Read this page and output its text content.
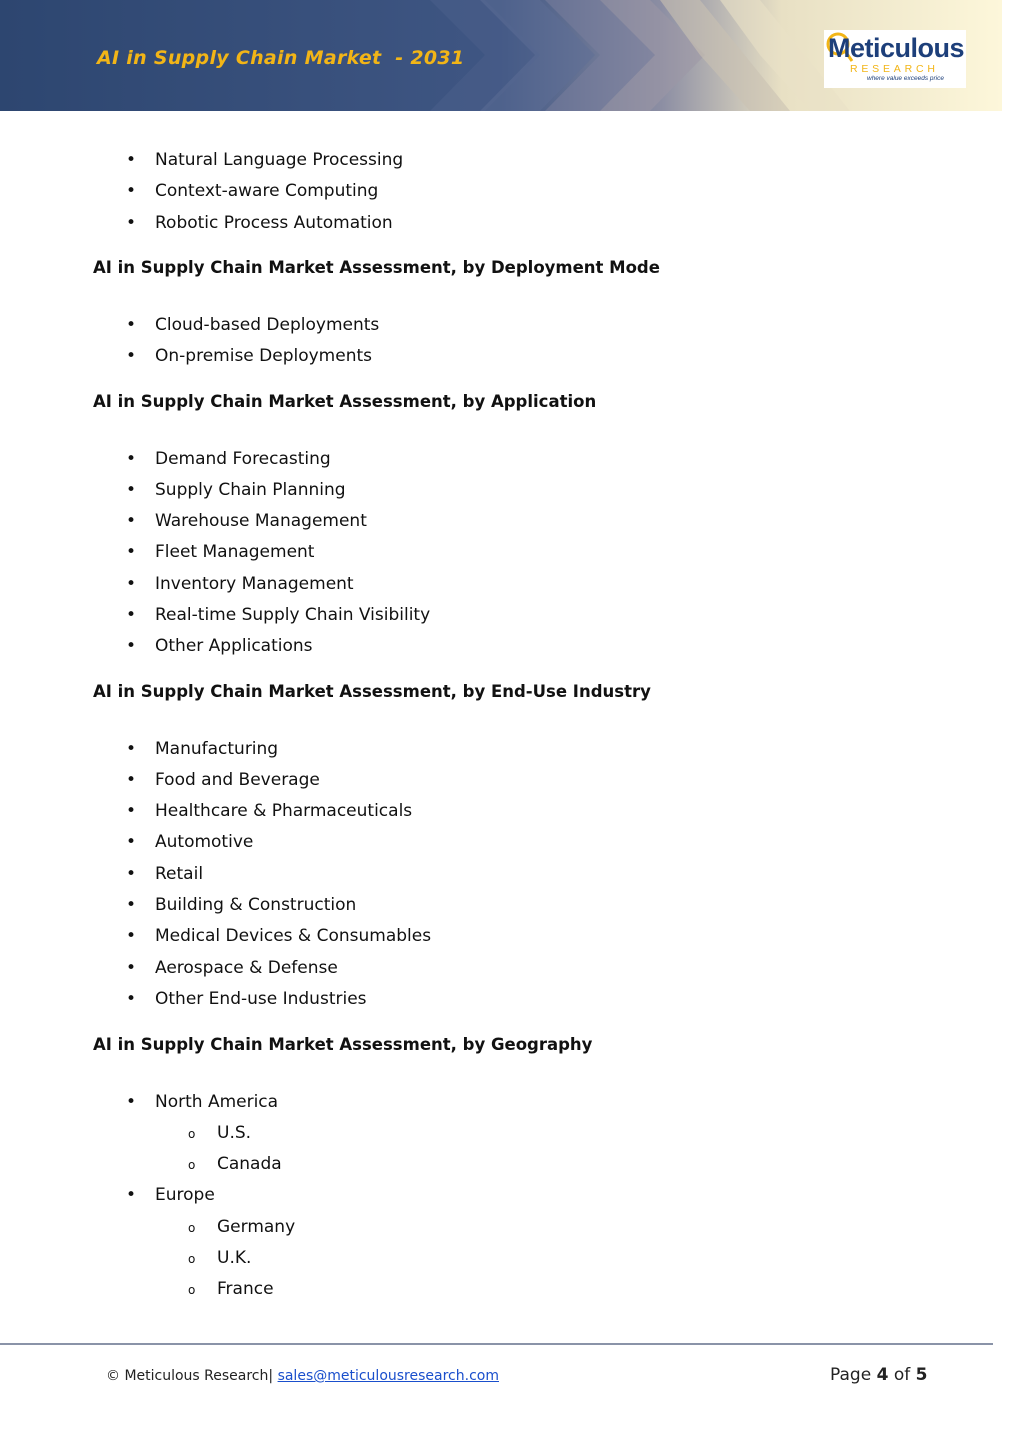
AI in Supply Chain Market  - 2031	Meticulous
RESEARCH
where value exceeds price
• Natural Language Processing
• Context-aware Computing
• Robotic Process Automation
AI in Supply Chain Market Assessment, by Deployment Mode
• Cloud-based Deployments
• On-premise Deployments
AI in Supply Chain Market Assessment, by Application
• Demand Forecasting
• Supply Chain Planning
• Warehouse Management
• Fleet Management
• Inventory Management
• Real-time Supply Chain Visibility
• Other Applications
AI in Supply Chain Market Assessment, by End-Use Industry
• Manufacturing
• Food and Beverage
• Healthcare & Pharmaceuticals
• Automotive
• Retail
• Building & Construction
• Medical Devices & Consumables
• Aerospace & Defense
• Other End-use Industries
AI in Supply Chain Market Assessment, by Geography
• North America
o U.S.
o Canada
• Europe
o Germany
o U.K.
o France
© Meticulous Research| sales@meticulousresearch.com	Page 4 of 5
